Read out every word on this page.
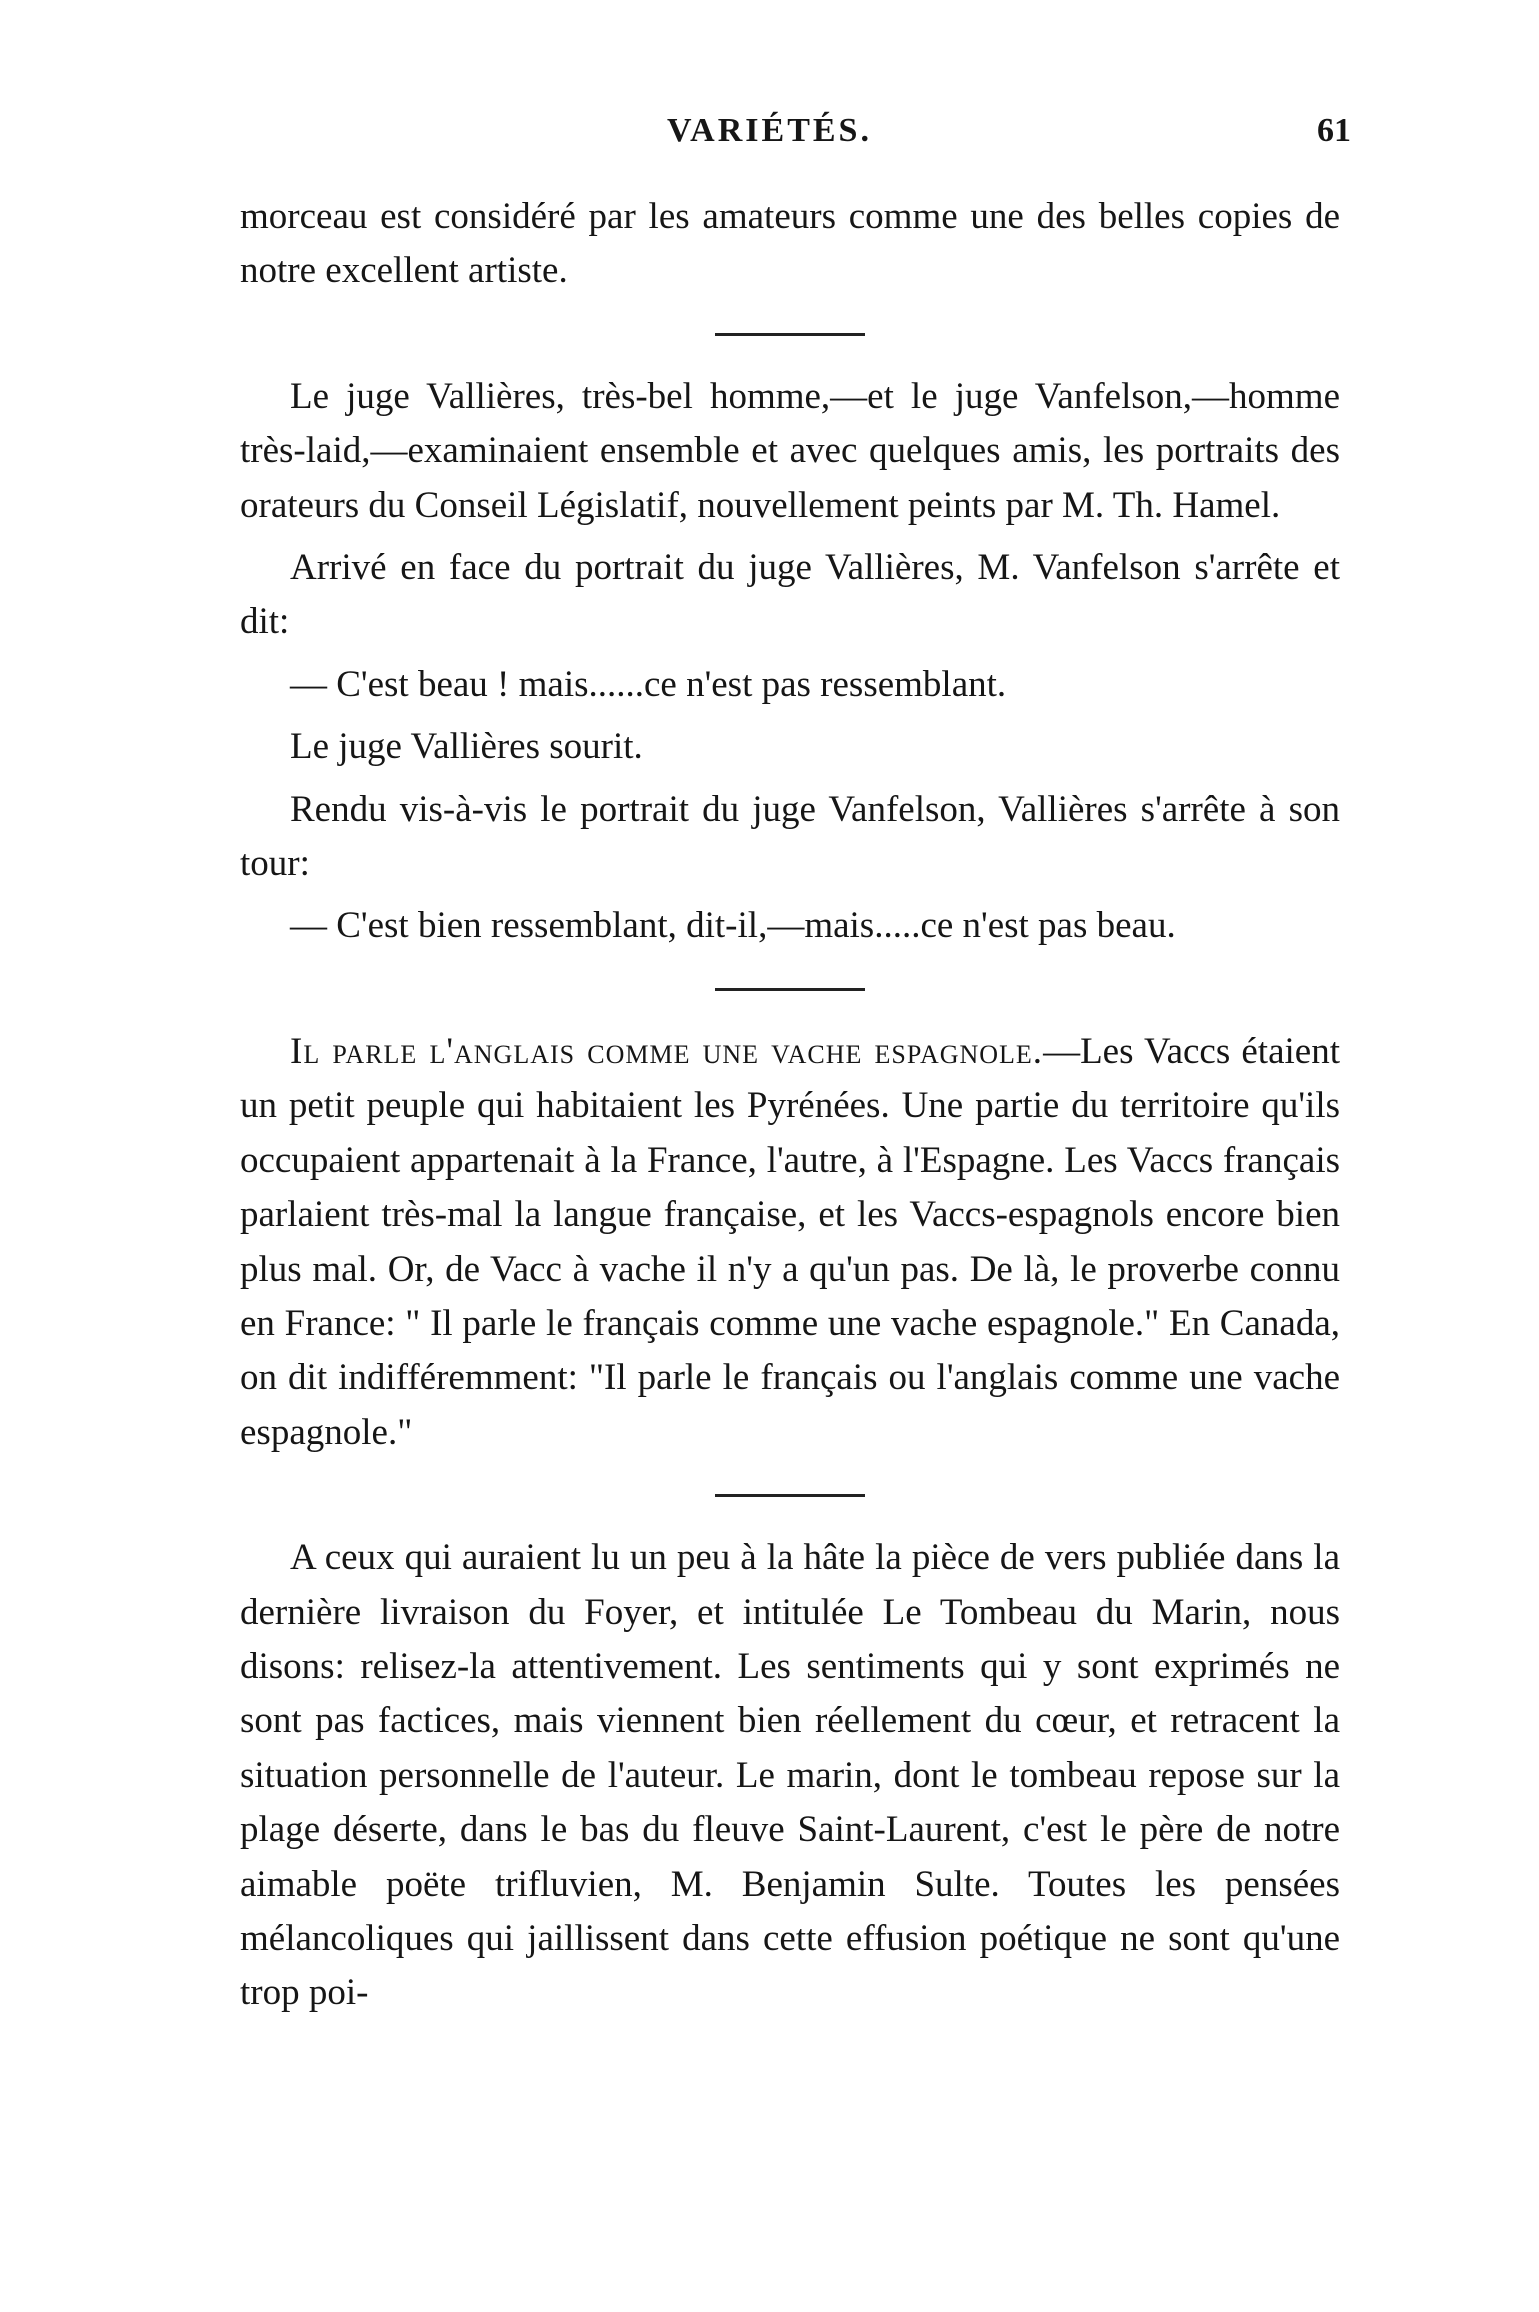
VARIÉTÉS.	61

morceau est considéré par les amateurs comme une des belles copies de notre excellent artiste.

Le juge Vallières, très-bel homme,—et le juge Vanfelson,—homme très-laid,—examinaient ensemble et avec quelques amis, les portraits des orateurs du Conseil Législatif, nouvellement peints par M. Th. Hamel.

Arrivé en face du portrait du juge Vallières, M. Vanfelson s'arrête et dit:

— C'est beau ! mais......ce n'est pas ressemblant.

Le juge Vallières sourit.

Rendu vis-à-vis le portrait du juge Vanfelson, Vallières s'arrête à son tour:

— C'est bien ressemblant, dit-il,—mais.....ce n'est pas beau.

Il parle l'anglais comme une vache espagnole.—Les Vaccs étaient un petit peuple qui habitaient les Pyrénées. Une partie du territoire qu'ils occupaient appartenait à la France, l'autre, à l'Espagne. Les Vaccs français parlaient très-mal la langue française, et les Vaccs-espagnols encore bien plus mal. Or, de Vacc à vache il n'y a qu'un pas. De là, le proverbe connu en France: " Il parle le français comme une vache espagnole." En Canada, on dit indifféremment: "Il parle le français ou l'anglais comme une vache espagnole."

A ceux qui auraient lu un peu à la hâte la pièce de vers publiée dans la dernière livraison du Foyer, et intitulée Le Tombeau du Marin, nous disons: relisez-la attentivement. Les sentiments qui y sont exprimés ne sont pas factices, mais viennent bien réellement du cœur, et retracent la situation personnelle de l'auteur. Le marin, dont le tombeau repose sur la plage déserte, dans le bas du fleuve Saint-Laurent, c'est le père de notre aimable poëte trifluvien, M. Benjamin Sulte. Toutes les pensées mélancoliques qui jaillissent dans cette effusion poétique ne sont qu'une trop poi-
